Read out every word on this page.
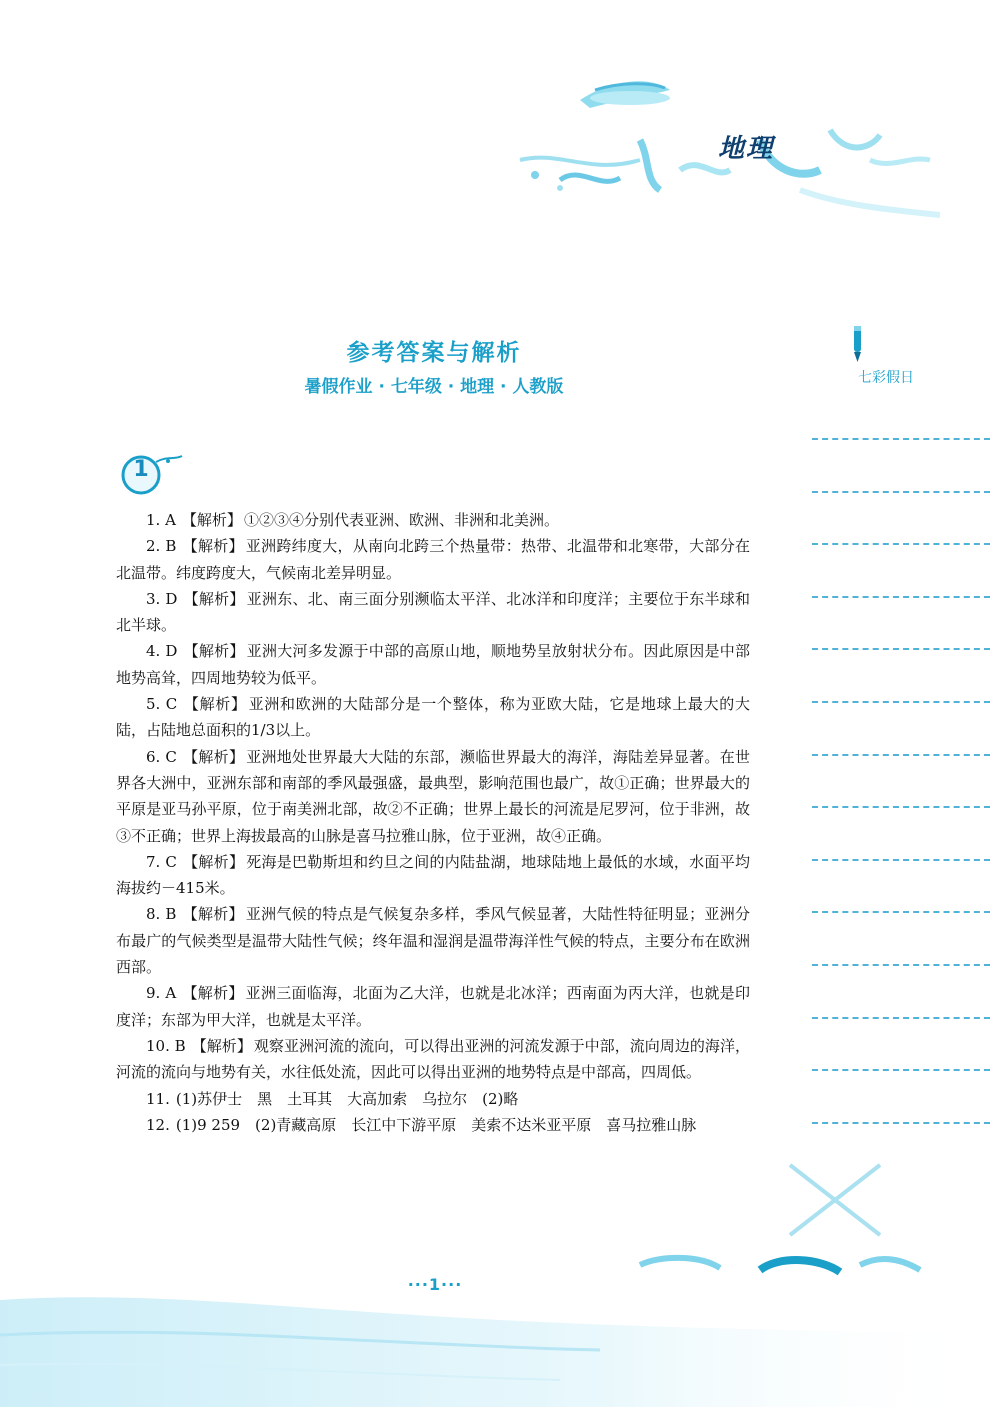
地理
参考答案与解析
暑假作业 · 七年级 · 地理 · 人教版	七彩假日
1

1. A 【解析】 ①②③④分别代表亚洲、欧洲、非洲和北美洲。

2. B 【解析】 亚洲跨纬度大，从南向北跨三个热量带：热带、北温带和北寒带，大部分在北温带。纬度跨度大，气候南北差异明显。

3. D 【解析】 亚洲东、北、南三面分别濒临太平洋、北冰洋和印度洋；主要位于东半球和北半球。

4. D 【解析】 亚洲大河多发源于中部的高原山地，顺地势呈放射状分布。因此原因是中部地势高耸，四周地势较为低平。

5. C 【解析】 亚洲和欧洲的大陆部分是一个整体，称为亚欧大陆，它是地球上最大的大陆，占陆地总面积的1/3以上。

6. C 【解析】 亚洲地处世界最大大陆的东部，濒临世界最大的海洋，海陆差异显著。在世界各大洲中，亚洲东部和南部的季风最强盛，最典型，影响范围也最广，故①正确；世界最大的平原是亚马孙平原，位于南美洲北部，故②不正确；世界上最长的河流是尼罗河，位于非洲，故③不正确；世界上海拔最高的山脉是喜马拉雅山脉，位于亚洲，故④正确。

7. C 【解析】 死海是巴勒斯坦和约旦之间的内陆盐湖，地球陆地上最低的水域，水面平均海拔约－415米。

8. B 【解析】 亚洲气候的特点是气候复杂多样，季风气候显著，大陆性特征明显；亚洲分布最广的气候类型是温带大陆性气候；终年温和湿润是温带海洋性气候的特点，主要分布在欧洲西部。

9. A 【解析】 亚洲三面临海，北面为乙大洋，也就是北冰洋；西南面为丙大洋，也就是印度洋；东部为甲大洋，也就是太平洋。

10. B 【解析】 观察亚洲河流的流向，可以得出亚洲的河流发源于中部，流向周边的海洋，河流的流向与地势有关，水往低处流，因此可以得出亚洲的地势特点是中部高，四周低。

11. (1)苏伊士　黑　土耳其　大高加索　乌拉尔　(2)略

12. (1)9 259　(2)青藏高原　长江中下游平原　美索不达米亚平原　喜马拉雅山脉

···1···
